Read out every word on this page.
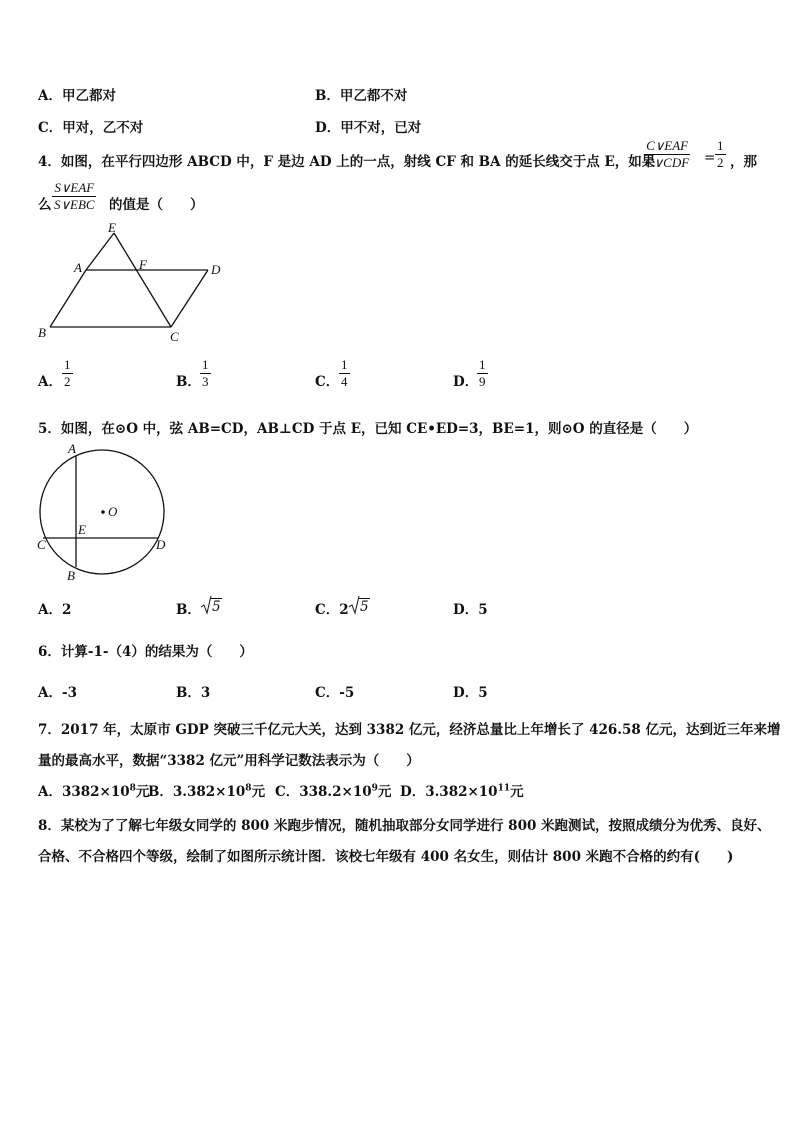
A．甲乙都对	B．甲乙都不对
C．甲对，乙不对	D．甲不对，已对
4．如图，在平行四边形 ABCD 中，F 是边 AD 上的一点，射线 CF 和 BA 的延长线交于点 E，如果
C∨EAF
C∨CDF = $\frac{1}{2}$ ，那
么
S∨EAF
S∨EBC 的值是（　　）
E
A	F	D
B	C
A． $\frac{1}{2}$	B． $\frac{1}{3}$	C． $\frac{1}{4}$	D．
$\frac{1}{9}$
5．如图，在⊙O 中，弦 AB=CD，AB⊥CD 于点 E，已知 CE•ED=3，BE=1，则⊙O 的直径是（　　）
A
O
E
C	D
B
A．2	B． 5	C．2 5	D．5
6．计算-1-（4）的结果为（　　）
A．-3	B．3	C．-5	D．5
7．2017 年，太原市 GDP 突破三千亿元大关，达到 3382 亿元，经济总量比上年增长了 426.58 亿元，达到近三年来增
量的最高水平，数据“3382 亿元”用科学记数法表示为（　　）
A．$3382\times 10^8$元
B．$3.382\times 10^8$元 C．$338.2\times 10^9$元 D．$3.382\times 10^{11}$元
8．某校为了了解七年级女同学的 800 米跑步情况，随机抽取部分女同学进行 800 米跑测试，按照成绩分为优秀、良好、
合格、不合格四个等级，绘制了如图所示统计图．该校七年级有 400 名女生，则估计 800 米跑不合格的约有(　　)
